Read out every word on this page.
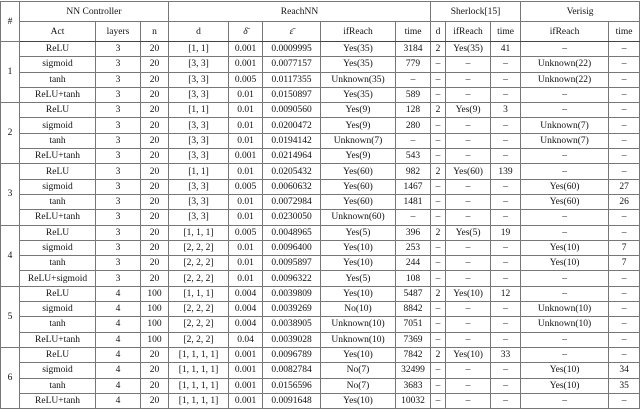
#	NN Controller			ReachNN					Sherlock[15]			Verisig	
	Act	layers	n	d	δ̄	ε̄	ifReach	time	d	ifReach	time	ifReach	time
1	ReLU	3	20	[1, 1]	0.001	0.0009995	Yes(35)	3184	2	Yes(35)	41	–	–
	sigmoid	3	20	[3, 3]	0.001	0.0077157	Yes(35)	779	–	–	–	Unknown(22)	–
	tanh	3	20	[3, 3]	0.005	0.0117355	Unknown(35)	–	–	–	–	Unknown(22)	–
	ReLU+tanh	3	20	[3, 3]	0.01	0.0150897	Yes(35)	589	–	–	–	–	–
2	ReLU	3	20	[1, 1]	0.01	0.0090560	Yes(9)	128	2	Yes(9)	3	–	–
	sigmoid	3	20	[3, 3]	0.01	0.0200472	Yes(9)	280	–	–	–	Unknown(7)	–
	tanh	3	20	[3, 3]	0.01	0.0194142	Unknown(7)	–	–	–	–	Unknown(7)	–
	ReLU+tanh	3	20	[3, 3]	0.001	0.0214964	Yes(9)	543	–	–	–	–	–
3	ReLU	3	20	[1, 1]	0.01	0.0205432	Yes(60)	982	2	Yes(60)	139	–	–
	sigmoid	3	20	[3, 3]	0.005	0.0060632	Yes(60)	1467	–	–	–	Yes(60)	27
	tanh	3	20	[3, 3]	0.01	0.0072984	Yes(60)	1481	–	–	–	Yes(60)	26
	ReLU+tanh	3	20	[3, 3]	0.01	0.0230050	Unknown(60)	–	–	–	–	–	–
4	ReLU	3	20	[1, 1, 1]	0.005	0.0048965	Yes(5)	396	2	Yes(5)	19	–	–
	sigmoid	3	20	[2, 2, 2]	0.01	0.0096400	Yes(10)	253	–	–	–	Yes(10)	7
	tanh	3	20	[2, 2, 2]	0.01	0.0095897	Yes(10)	244	–	–	–	Yes(10)	7
	ReLU+sigmoid	3	20	[2, 2, 2]	0.01	0.0096322	Yes(5)	108	–	–	–	–	–
5	ReLU	4	100	[1, 1, 1]	0.004	0.0039809	Yes(10)	5487	2	Yes(10)	12	–	–
	sigmoid	4	100	[2, 2, 2]	0.004	0.0039269	No(10)	8842	–	–	–	Unknown(10)	–
	tanh	4	100	[2, 2, 2]	0.004	0.0038905	Unknown(10)	7051	–	–	–	Unknown(10)	–
	ReLU+tanh	4	100	[2, 2, 2]	0.04	0.0039028	Unknown(10)	7369	–	–	–	–	–
6	ReLU	4	20	[1, 1, 1, 1]	0.001	0.0096789	Yes(10)	7842	2	Yes(10)	33	–	–
	sigmoid	4	20	[1, 1, 1, 1]	0.001	0.0082784	No(7)	32499	–	–	–	Yes(10)	34
	tanh	4	20	[1, 1, 1, 1]	0.001	0.0156596	No(7)	3683	–	–	–	Yes(10)	35
	ReLU+tanh	4	20	[1, 1, 1, 1]	0.001	0.0091648	Yes(10)	10032	–	–	–	–	–
